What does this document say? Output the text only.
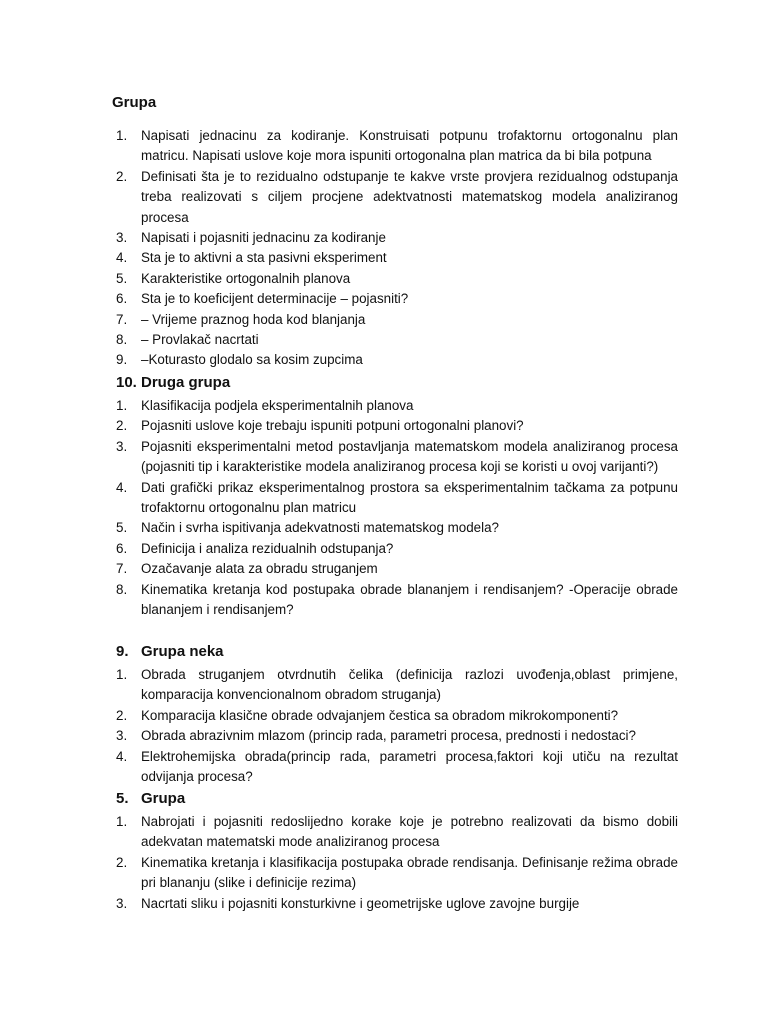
Grupa
1.	Napisati jednacinu za kodiranje. Konstruisati potpunu trofaktornu ortogonalnu plan matricu. Napisati uslove koje mora ispuniti ortogonalna plan matrica da bi bila potpuna
2.	Definisati šta je to rezidualno odstupanje te kakve vrste provjera rezidualnog odstupanja treba realizovati s ciljem procjene adektvatnosti matematskog modela analiziranog procesa
3.	Napisati i pojasniti jednacinu za kodiranje
4.	Sta je to aktivni a sta pasivni eksperiment
5.	Karakteristike ortogonalnih planova
6.	Sta je to koeficijent determinacije – pojasniti?
7.	– Vrijeme praznog hoda kod blanjanja
8.	– Provlakač nacrtati
9.	–Koturasto glodalo sa kosim zupcima
10. Druga grupa
1.	Klasifikacija podjela eksperimentalnih planova
2.	Pojasniti uslove koje trebaju ispuniti potpuni ortogonalni planovi?
3.	Pojasniti eksperimentalni metod postavljanja matematskom modela analiziranog procesa (pojasniti tip i karakteristike modela analiziranog procesa koji se koristi u ovoj varijanti?)
4.	Dati grafički prikaz eksperimentalnog prostora sa eksperimentalnim tačkama za potpunu trofaktornu ortogonalnu plan matricu
5.	Način i svrha ispitivanja adekvatnosti matematskog modela?
6.	Definicija i analiza rezidualnih odstupanja?
7.	Ozačavanje alata za obradu struganjem
8.	Kinematika kretanja kod postupaka obrade blananjem i rendisanjem? -Operacije obrade blananjem i rendisanjem?
9. Grupa neka
1.	Obrada struganjem otvrdnutih čelika (definicija razlozi uvođenja,oblast primjene, komparacija konvencionalnom obradom struganja)
2.	Komparacija klasične obrade odvajanjem čestica sa obradom mikrokomponenti?
3.	Obrada abrazivnim mlazom (princip rada, parametri procesa, prednosti i nedostaci?
4.	Elektrohemijska obrada(princip rada, parametri procesa,faktori koji utiču na rezultat odvijanja procesa?
5. Grupa
1.	Nabrojati i pojasniti redoslijedno korake koje je potrebno realizovati da bismo dobili adekvatan matematski mode analiziranog procesa
2.	Kinematika kretanja i klasifikacija postupaka obrade rendisanja. Definisanje režima obrade pri blananju (slike i definicije rezima)
3.	Nacrtati sliku i pojasniti konsturkivne i geometrijske uglove zavojne burgije
